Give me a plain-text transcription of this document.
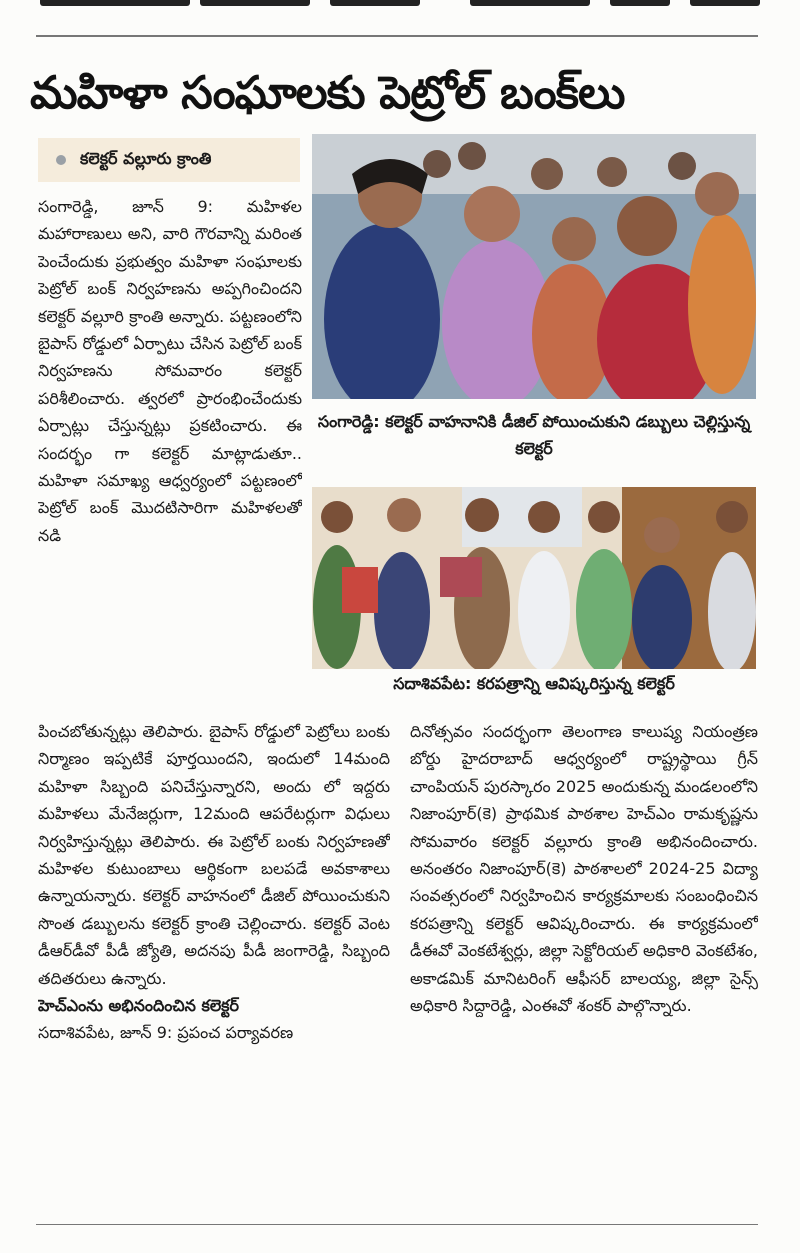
మహిళా సంఘాలకు పెట్రోల్ బంక్‌లు
కలెక్టర్ వల్లూరు క్రాంతి

సంగారెడ్డి, జూన్ 9: మహిళల మహారాణులు అని, వారి గౌరవాన్ని మరింత పెంచేందుకు ప్రభుత్వం మహిళా సంఘాలకు పెట్రోల్ బంక్ నిర్వహణను అప్పగించిందని కలెక్టర్ వల్లూరి క్రాంతి అన్నారు. పట్టణంలోని బైపాస్ రోడ్డులో ఏర్పాటు చేసిన పెట్రోల్ బంక్ నిర్వహణను సోమవారం కలెక్టర్ పరిశీలించారు. త్వరలో ప్రారంభించేందుకు ఏర్పాట్లు చేస్తున్నట్లు ప్రకటించారు. ఈ సందర్భం గా కలెక్టర్ మాట్లాడుతూ.. మహిళా సమాఖ్య ఆధ్వర్యంలో పట్టణంలో పెట్రోల్ బంక్ మొదటిసారిగా మహిళలతో నడి

సంగారెడ్డి: కలెక్టర్ వాహనానికి డీజిల్ పోయించుకుని డబ్బులు చెల్లిస్తున్న కలెక్టర్
సదాశివపేట: కరపత్రాన్ని ఆవిష్కరిస్తున్న కలెక్టర్

పించబోతున్నట్లు తెలిపారు. బైపాస్ రోడ్డులో పెట్రోలు బంకు నిర్మాణం ఇప్పటికే పూర్తయిందని, ఇందులో 14మంది మహిళా సిబ్బంది పనిచేస్తున్నారని, అందు లో ఇద్దరు మహిళలు మేనేజర్లుగా, 12మంది ఆపరేటర్లుగా విధులు నిర్వహిస్తున్నట్లు తెలిపారు. ఈ పెట్రోల్ బంకు నిర్వహణతో మహిళల కుటుంబాలు ఆర్థికంగా బలపడే అవకాశాలు ఉన్నాయన్నారు. కలెక్టర్ వాహనంలో డీజిల్ పోయించుకుని సొంత డబ్బులను కలెక్టర్ క్రాంతి చెల్లించారు. కలెక్టర్ వెంట డీఆర్‌డీవో పీడీ జ్యోతి, అదనపు పీడీ జంగారెడ్డి, సిబ్బంది తదితరులు ఉన్నారు.

హెచ్ఎంను అభినందించిన కలెక్టర్

సదాశివపేట, జూన్ 9: ప్రపంచ పర్యావరణ

దినోత్సవం సందర్భంగా తెలంగాణ కాలుష్య నియంత్రణ బోర్డు హైదరాబాద్ ఆధ్వర్యంలో రాష్ట్రస్థాయి గ్రీన్ చాంపియన్ పురస్కారం 2025 అందుకున్న మండలంలోని నిజాంపూర్(కె) ప్రాథమిక పాఠశాల హెచ్ఎం రామకృష్ణను సోమవారం కలెక్టర్ వల్లూరు క్రాంతి అభినందించారు. అనంతరం నిజాంపూర్(కె) పాఠశాలలో 2024-25 విద్యా సంవత్సరంలో నిర్వహించిన కార్యక్రమాలకు సంబంధించిన కరపత్రాన్ని కలెక్టర్ ఆవిష్కరించారు. ఈ కార్యక్రమంలో డీఈవో వెంకటేశ్వర్లు, జిల్లా సెక్టోరియల్ అధికారి వెంకటేశం, అకాడమిక్ మానిటరింగ్ ఆఫీసర్ బాలయ్య, జిల్లా సైన్స్ అధికారి సిద్దారెడ్డి, ఎంఈవో శంకర్ పాల్గొన్నారు.
